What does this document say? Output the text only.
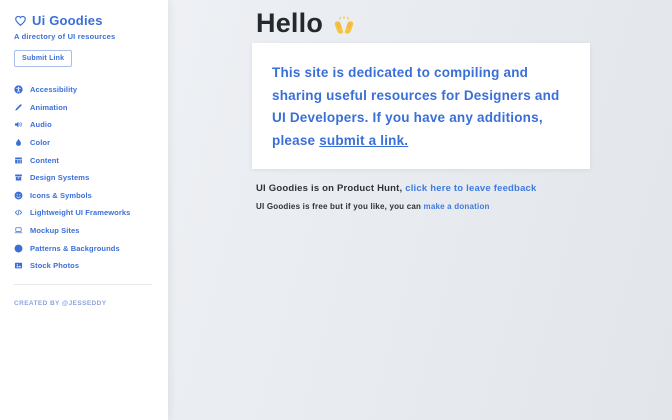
Ui Goodies
A directory of UI resources
Submit Link
Accessibility
Animation
Audio
Color
Content
Design Systems
Icons & Symbols
Lightweight UI Frameworks
Mockup Sites
Patterns & Backgrounds
Stock Photos
CREATED BY @JESSEDDY
Hello

This site is dedicated to compiling and sharing useful resources for Designers and UI Developers. If you have any additions, please submit a link.

UI Goodies is on Product Hunt, click here to leave feedback

UI Goodies is free but if you like, you can make a donation
